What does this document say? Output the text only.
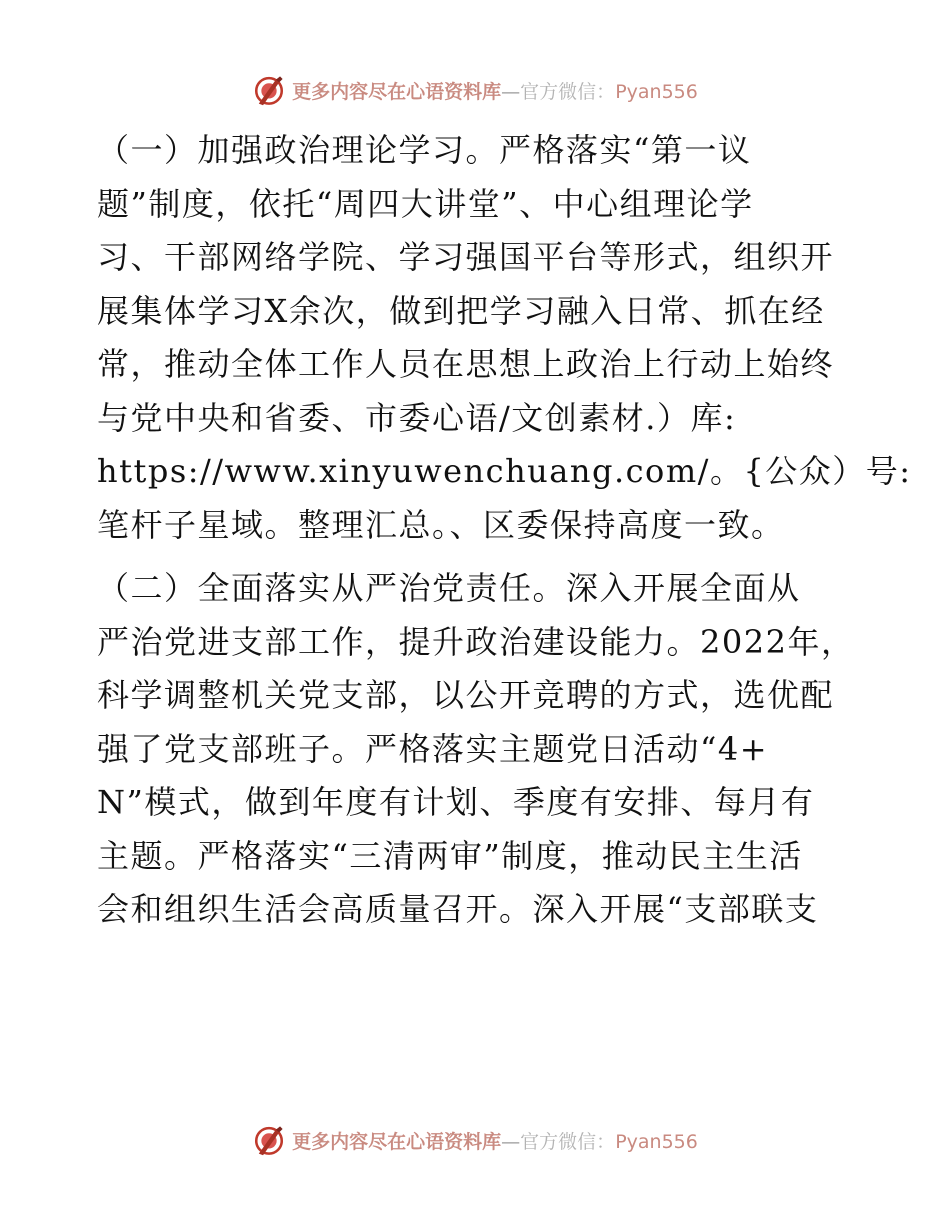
更多内容尽在心语资料库—官方微信：Pyan556

（一）加强政治理论学习。严格落实“第一议
题”制度，依托“周四大讲堂”、中心组理论学
习、干部网络学院、学习强国平台等形式，组织开
展集体学习X余次，做到把学习融入日常、抓在经
常，推动全体工作人员在思想上政治上行动上始终
与党中央和省委、市委心语/文创素材.）库:
https://www.xinyuwenchuang.com/。{公众）号:
笔杆子星域。整理汇总。、区委保持高度一致。

（二）全面落实从严治党责任。深入开展全面从
严治党进支部工作，提升政治建设能力。2022年，
科学调整机关党支部，以公开竞聘的方式，选优配
强了党支部班子。严格落实主题党日活动“4+
N”模式，做到年度有计划、季度有安排、每月有
主题。严格落实“三清两审”制度，推动民主生活
会和组织生活会高质量召开。深入开展“支部联支

更多内容尽在心语资料库—官方微信：Pyan556
